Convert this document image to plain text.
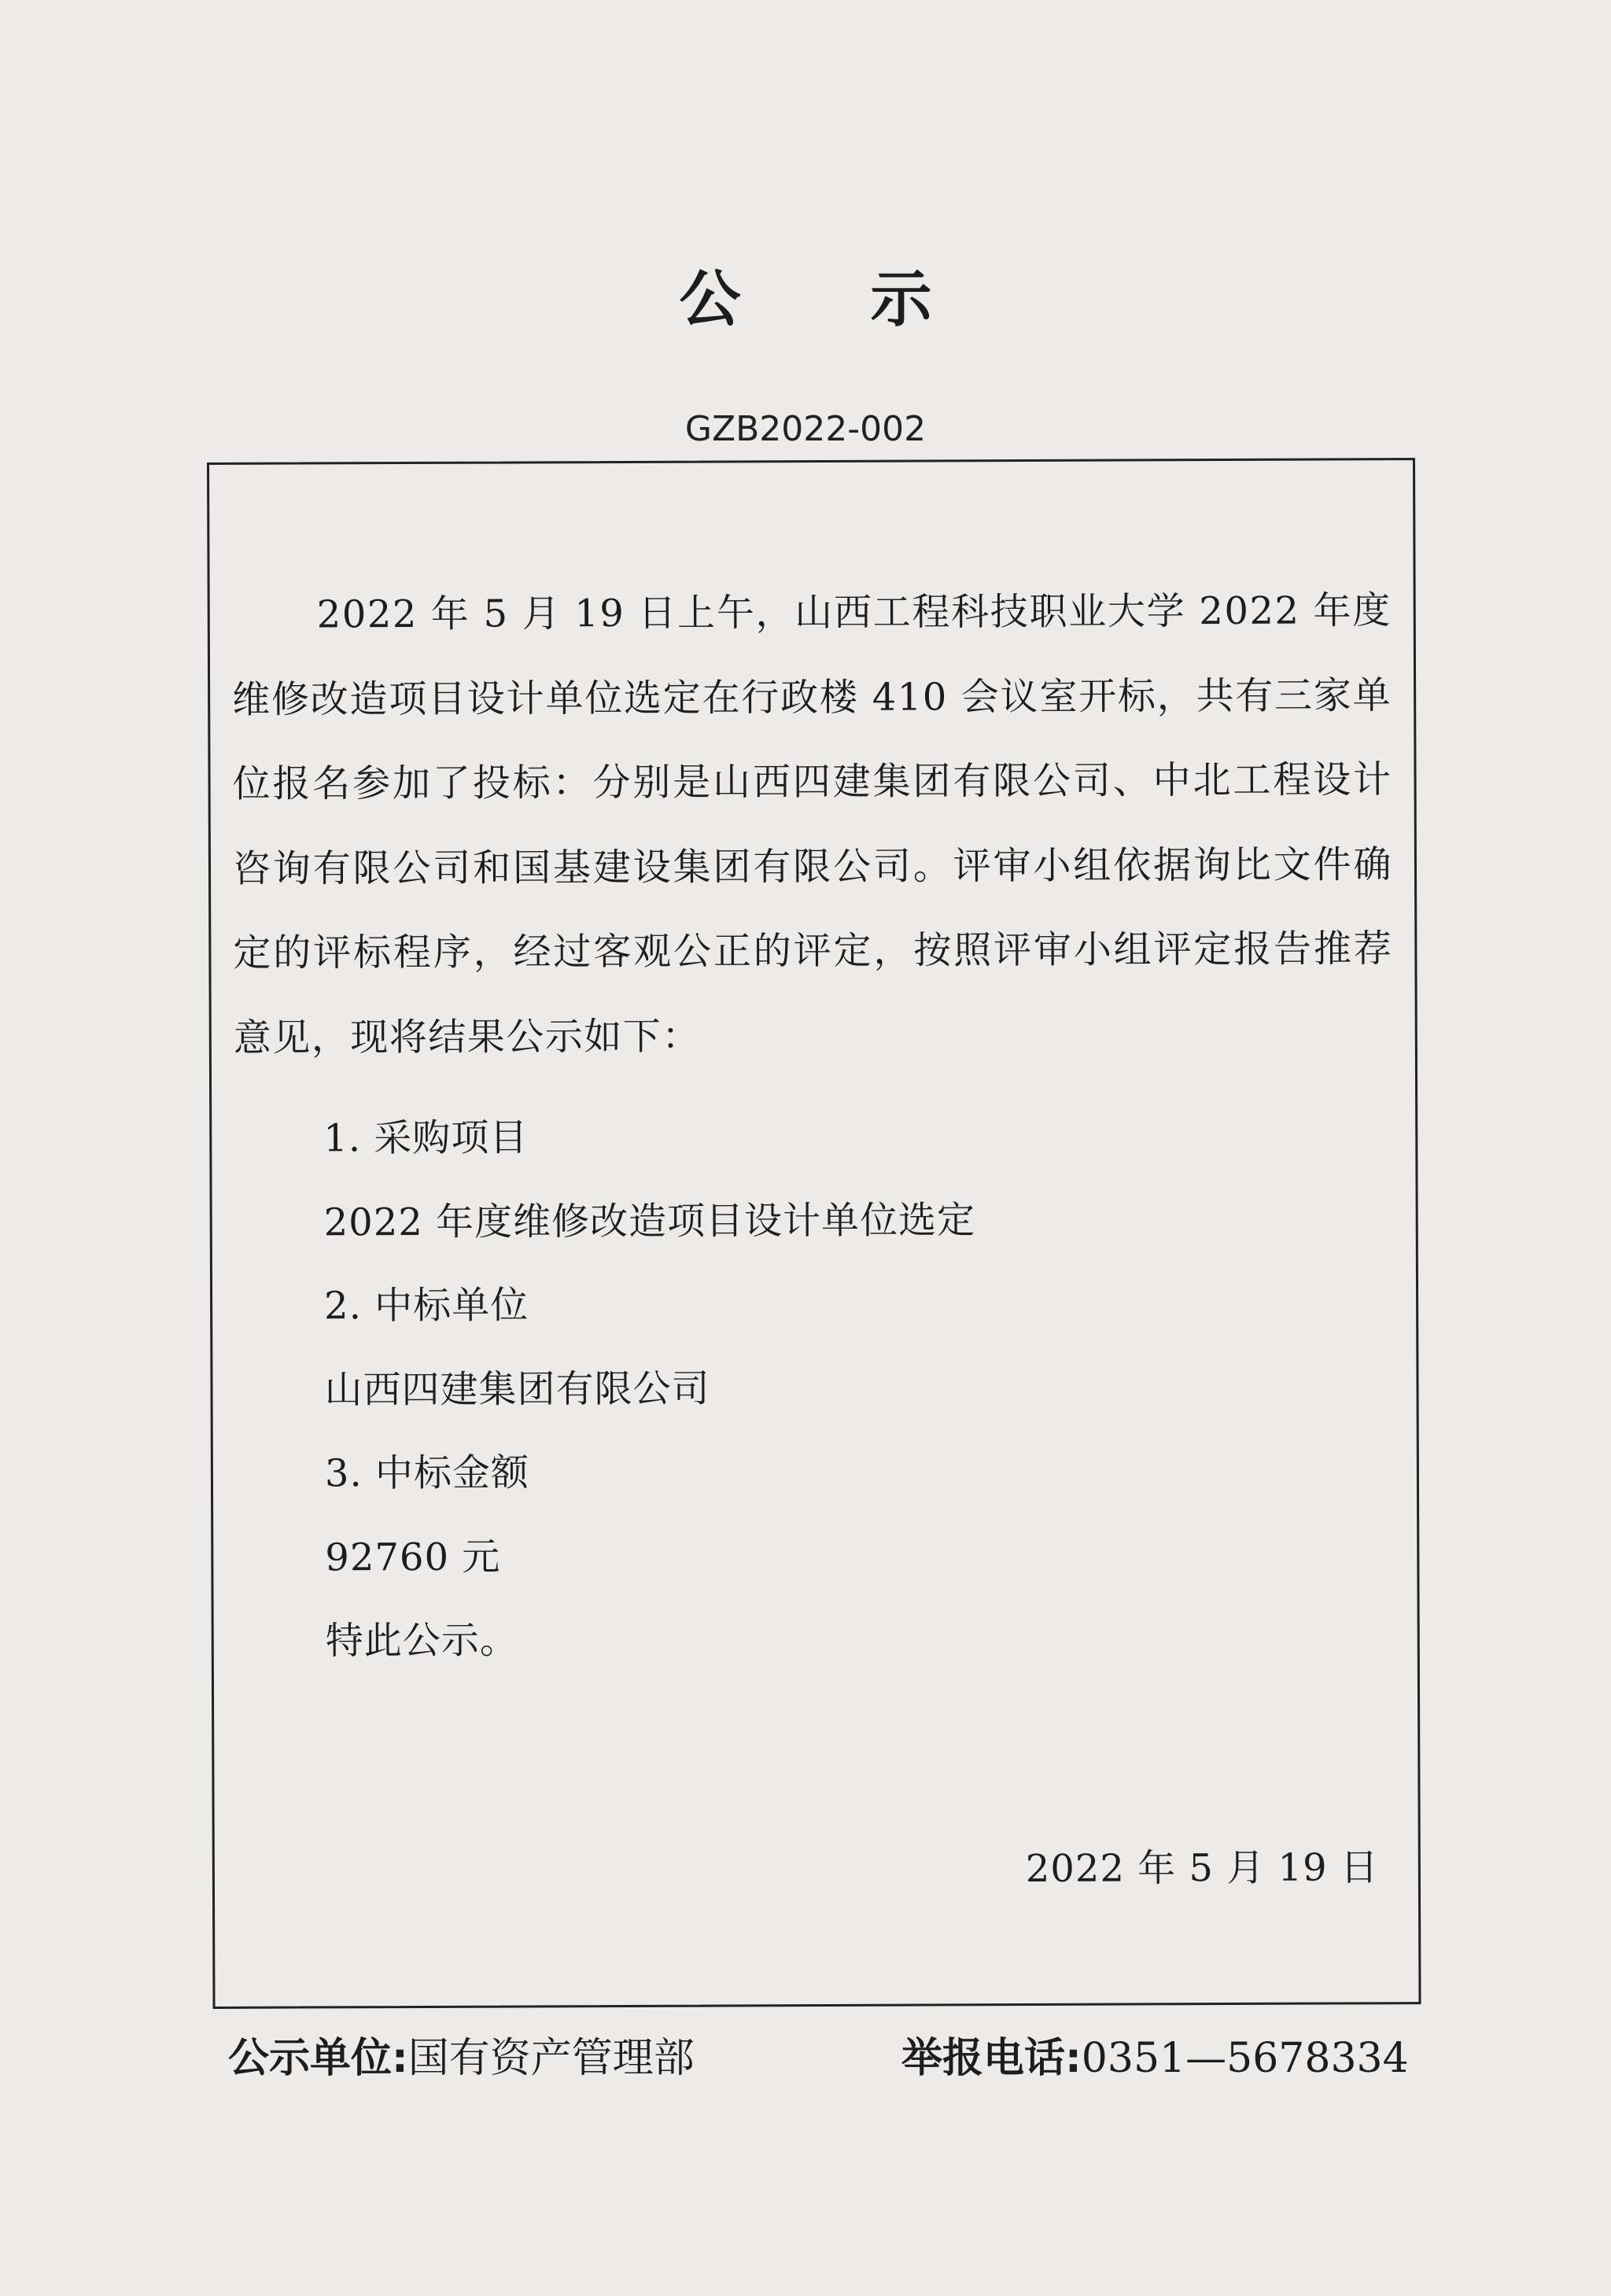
公 示
GZB2022-002

2022 年 5 月 19 日上午，山西工程科技职业大学 2022 年度维修改造项目设计单位选定在行政楼 410 会议室开标，共有三家单位报名参加了投标：分别是山西四建集团有限公司、中北工程设计咨询有限公司和国基建设集团有限公司。评审小组依据询比文件确定的评标程序，经过客观公正的评定，按照评审小组评定报告推荐意见，现将结果公示如下：

1. 采购项目
2022 年度维修改造项目设计单位选定
2. 中标单位
山西四建集团有限公司
3. 中标金额
92760 元
特此公示。
2022 年 5 月 19 日
公示单位:国有资产管理部	举报电话:0351—5678334
